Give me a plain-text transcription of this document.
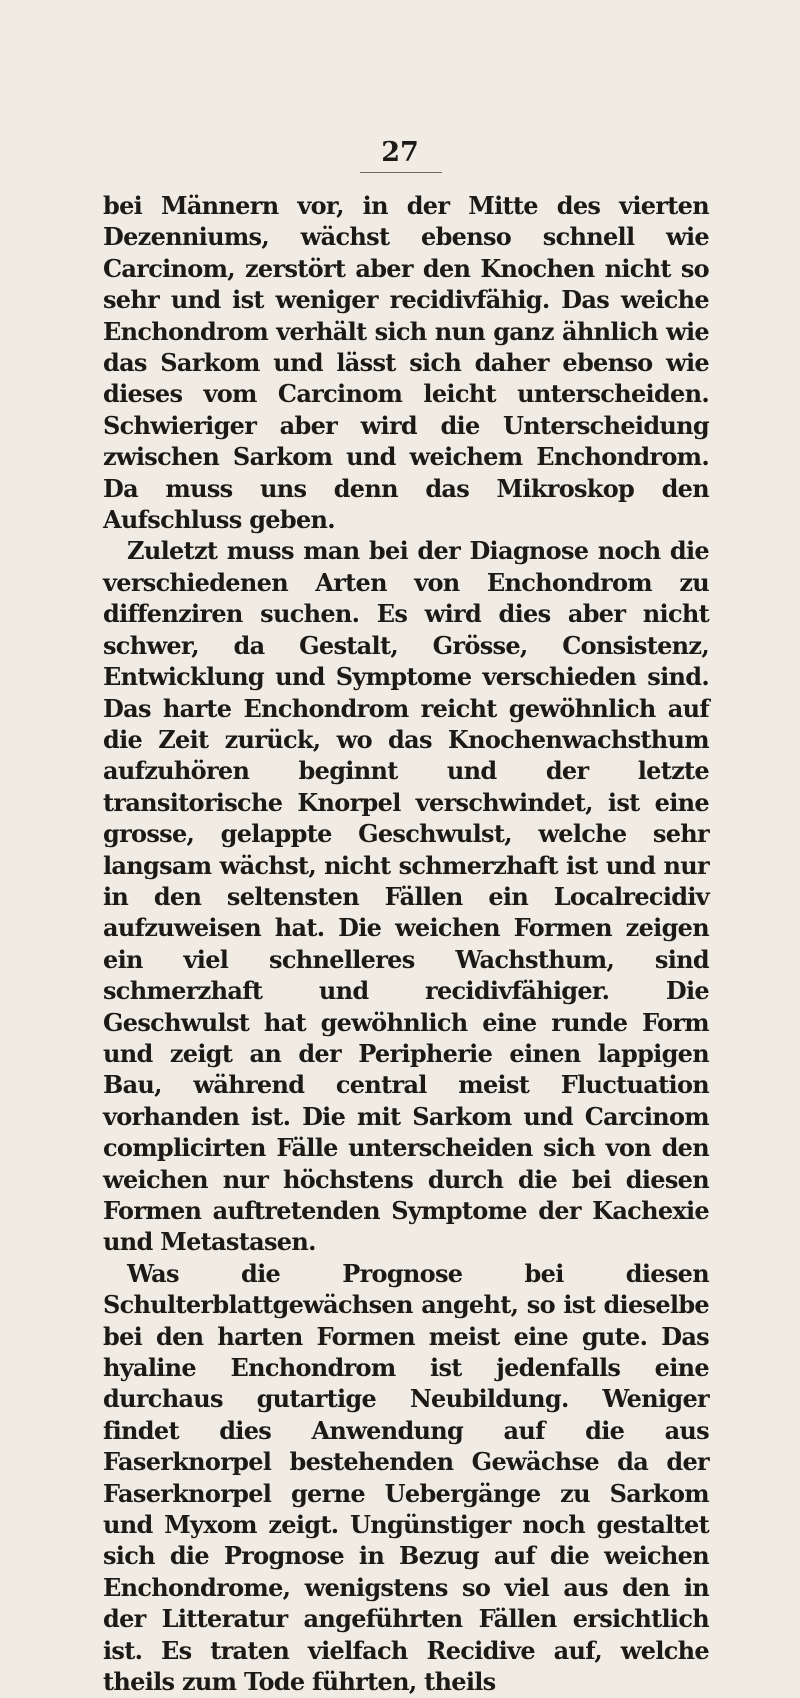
27

bei Männern vor, in der Mitte des vierten Dezenniums, wächst ebenso schnell wie Carcinom, zerstört aber den Knochen nicht so sehr und ist weniger recidivfähig. Das weiche Enchondrom verhält sich nun ganz ähnlich wie das Sarkom und lässt sich daher ebenso wie dieses vom Carcinom leicht unterscheiden. Schwieriger aber wird die Unterscheidung zwischen Sarkom und weichem Enchondrom. Da muss uns denn das Mikroskop den Aufschluss geben.

Zuletzt muss man bei der Diagnose noch die verschiedenen Arten von Enchondrom zu diffenziren suchen. Es wird dies aber nicht schwer, da Gestalt, Grösse, Consistenz, Entwicklung und Symptome verschieden sind. Das harte Enchondrom reicht gewöhnlich auf die Zeit zurück, wo das Knochenwachsthum aufzuhören beginnt und der letzte transitorische Knorpel verschwindet, ist eine grosse, gelappte Geschwulst, welche sehr langsam wächst, nicht schmerzhaft ist und nur in den seltensten Fällen ein Localrecidiv aufzuweisen hat. Die weichen Formen zeigen ein viel schnelleres Wachsthum, sind schmerzhaft und recidivfähiger. Die Geschwulst hat gewöhnlich eine runde Form und zeigt an der Peripherie einen lappigen Bau, während central meist Fluctuation vorhanden ist. Die mit Sarkom und Carcinom complicirten Fälle unterscheiden sich von den weichen nur höchstens durch die bei diesen Formen auftretenden Symptome der Kachexie und Metastasen.

Was die Prognose bei diesen Schulterblattgewächsen angeht, so ist dieselbe bei den harten Formen meist eine gute. Das hyaline Enchondrom ist jedenfalls eine durchaus gutartige Neubildung. Weniger findet dies Anwendung auf die aus Faserknorpel bestehenden Gewächse da der Faserknorpel gerne Uebergänge zu Sarkom und Myxom zeigt. Ungünstiger noch gestaltet sich die Prognose in Bezug auf die weichen Enchondrome, wenigstens so viel aus den in der Litteratur angeführten Fällen ersichtlich ist. Es traten vielfach Recidive auf, welche theils zum Tode führten, theils
